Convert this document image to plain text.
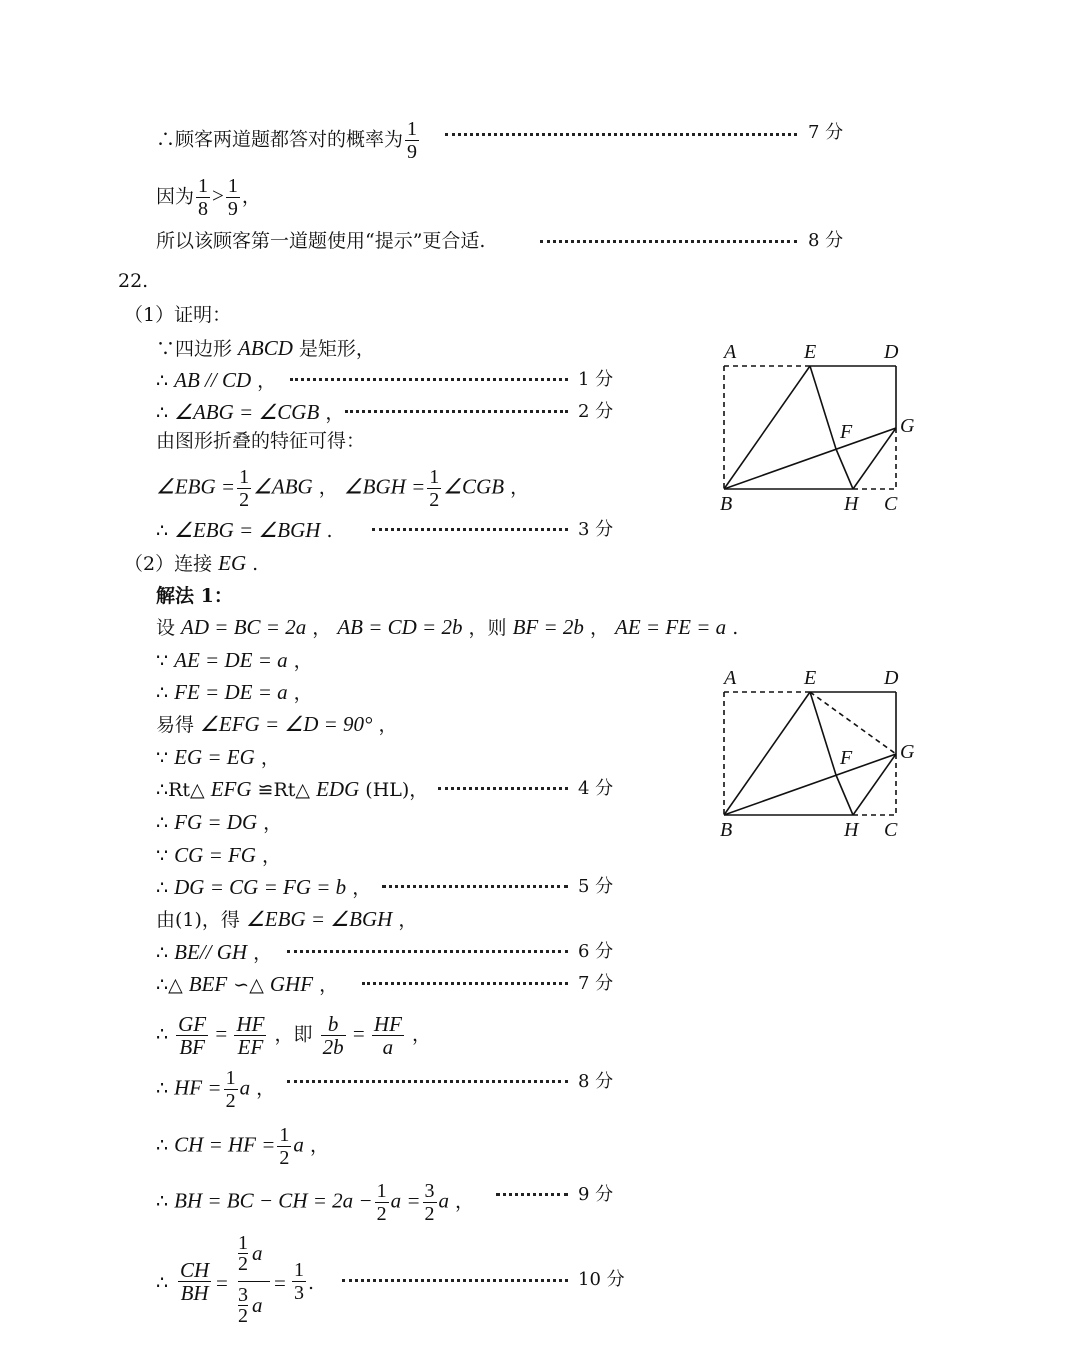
∴顾客两道题都答对的概率为 $\frac{1}{9}$	7 分
因为 $\frac{1}{8} > \frac{1}{9}$ ，
所以该顾客第一道题使用“提示”更合适.	8 分
22.
（1）证明：
∵四边形 ABCD 是矩形，
∴ AB // CD ，	1 分
∴ ∠ABG = ∠CGB ，	2 分
由图形折叠的特征可得：
∠EBG = $\frac{1}{2}$ ∠ABG ， ∠BGH = $\frac{1}{2}$ ∠CGB ，
∴ ∠EBG = ∠BGH .	3 分
（2）连接 EG .
解法 1：
设 AD = BC = 2a ， AB = CD = 2b ，则 BF = 2b ， AE = FE = a .
∵ AE = DE = a ，
∴ FE = DE = a ，
易得 ∠EFG = ∠D = 90° ，
∵ EG = EG ，
∴Rt△ EFG ≌Rt△ EDG (HL)，	4 分
∴ FG = DG ，
∵ CG = FG ，
∴ DG = CG = FG = b ，	5 分
由(1)，得 ∠EBG = ∠BGH ，
∴ BE// GH ，	6 分
∴△ BEF ∽△ GHF ，	7 分
∴ $\frac{GF}{BF} = \frac{HF}{EF}$ ，即 $\frac{b}{2b} = \frac{HF}{a}$ ，
∴ HF = $\frac{1}{2}$ a ，	8 分
∴ CH = HF = $\frac{1}{2}$ a ，
∴ BH = BC − CH = $2a - \frac{1}{2}$ $a = \frac{3}{2}$ a ，	9 分
∴ $\frac{CH}{BH}$ =
1
2 a
3
2 a
= $\frac{1}{3}$ .	10 分
A	E	D
F G
B	H C
A	E	D
F G
B	H C
